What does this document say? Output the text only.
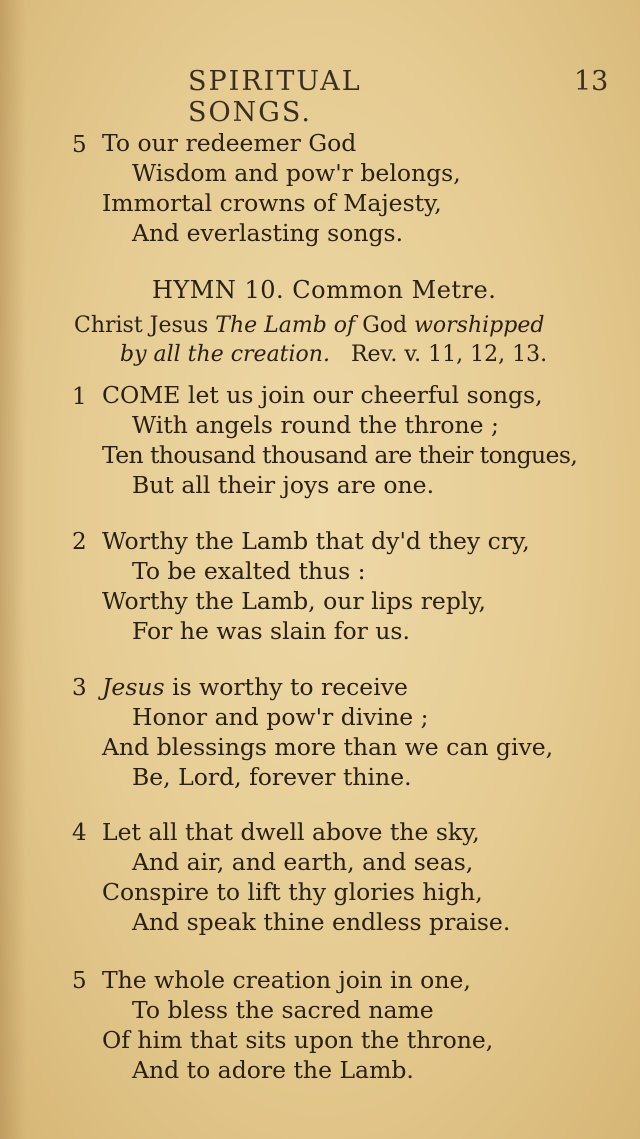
SPIRITUAL SONGS.
13
5 To our redeemer God
Wisdom and pow'r belongs,
Immortal crowns of Majesty,
And everlasting songs.
HYMN 10. Common Metre.
Christ Jesus The Lamb of God worshipped
by all the creation. Rev. v. 11, 12, 13.
1 COME let us join our cheerful songs,
With angels round the throne ;
Ten thousand thousand are their tongues,
But all their joys are one.
2 Worthy the Lamb that dy'd they cry,
To be exalted thus :
Worthy the Lamb, our lips reply,
For he was slain for us.
3 Jesus is worthy to receive
Honor and pow'r divine ;
And blessings more than we can give,
Be, Lord, forever thine.
4 Let all that dwell above the sky,
And air, and earth, and seas,
Conspire to lift thy glories high,
And speak thine endless praise.
5 The whole creation join in one,
To bless the sacred name
Of him that sits upon the throne,
And to adore the Lamb.
